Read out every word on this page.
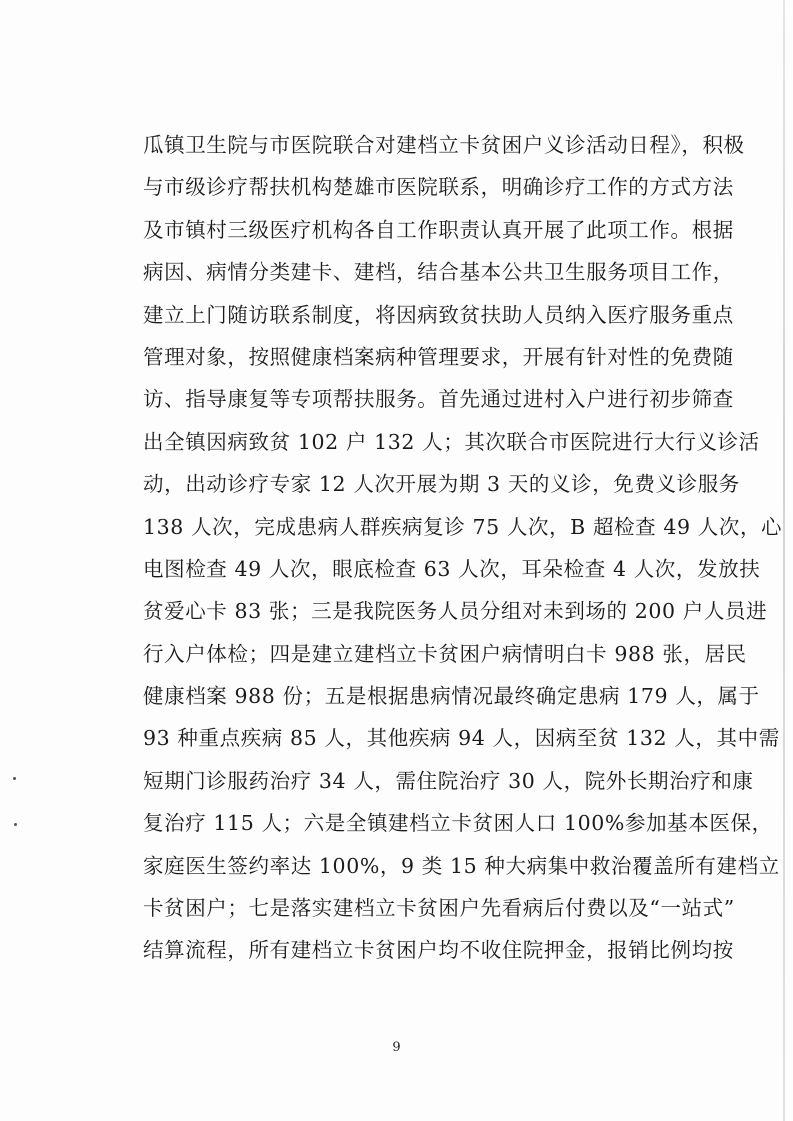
瓜镇卫生院与市医院联合对建档立卡贫困户义诊活动日程》，积极
与市级诊疗帮扶机构楚雄市医院联系，明确诊疗工作的方式方法
及市镇村三级医疗机构各自工作职责认真开展了此项工作。根据
病因、病情分类建卡、建档，结合基本公共卫生服务项目工作，
建立上门随访联系制度，将因病致贫扶助人员纳入医疗服务重点
管理对象，按照健康档案病种管理要求，开展有针对性的免费随
访、指导康复等专项帮扶服务。首先通过进村入户进行初步筛查
出全镇因病致贫 102 户 132 人；其次联合市医院进行大行义诊活
动，出动诊疗专家 12 人次开展为期 3 天的义诊，免费义诊服务
138 人次，完成患病人群疾病复诊 75 人次，B 超检查 49 人次，心
电图检查 49 人次，眼底检查 63 人次，耳朵检查 4 人次，发放扶
贫爱心卡 83 张；三是我院医务人员分组对未到场的 200 户人员进
行入户体检；四是建立建档立卡贫困户病情明白卡 988 张，居民
健康档案 988 份；五是根据患病情况最终确定患病 179 人，属于
93 种重点疾病 85 人，其他疾病 94 人，因病至贫 132 人，其中需
短期门诊服药治疗 34 人，需住院治疗 30 人，院外长期治疗和康
复治疗 115 人；六是全镇建档立卡贫困人口 100%参加基本医保，
家庭医生签约率达 100%，9 类 15 种大病集中救治覆盖所有建档立
卡贫困户；七是落实建档立卡贫困户先看病后付费以及“一站式”
结算流程，所有建档立卡贫困户均不收住院押金，报销比例均按
9
